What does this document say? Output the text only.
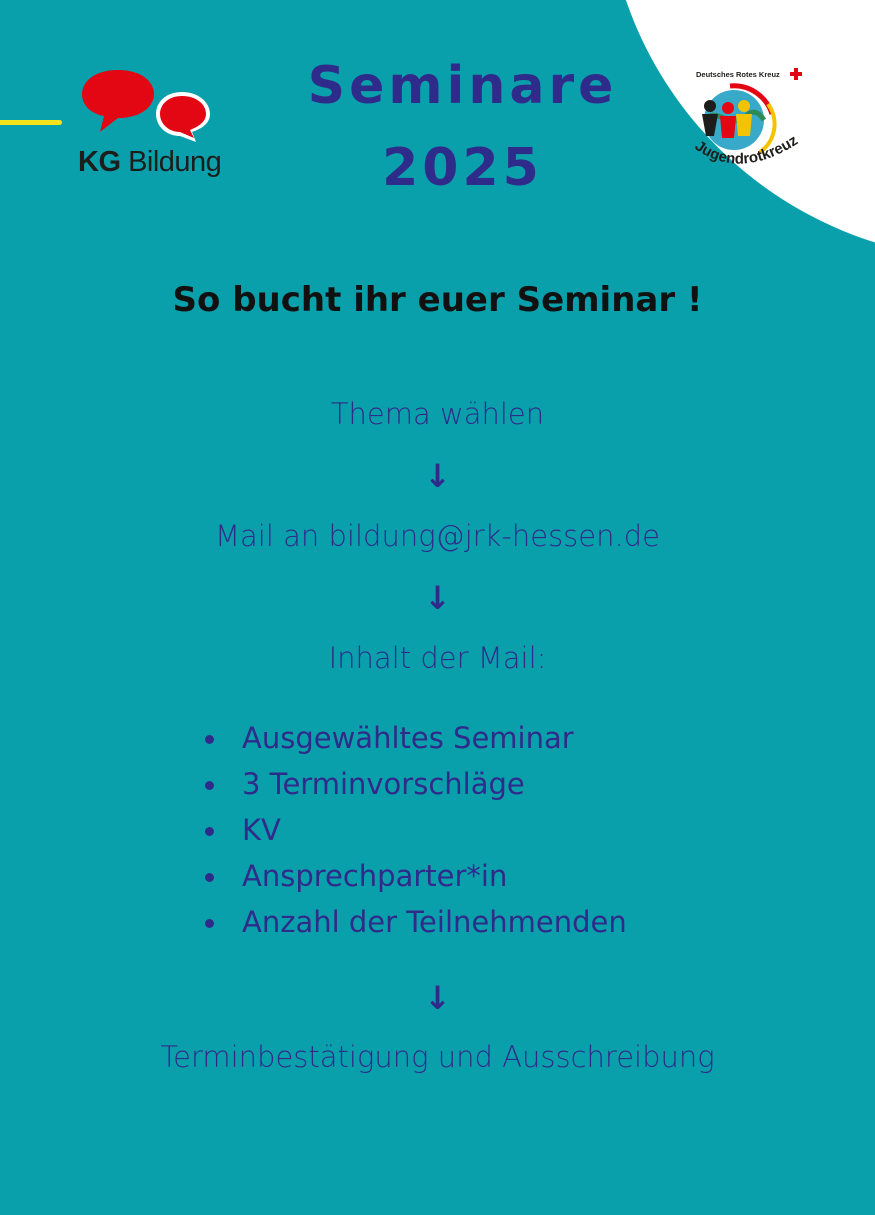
KG Bildung
Seminare
2025
Deutsches Rotes Kreuz
Jugendrotkreuz
So bucht ihr euer Seminar !
Thema wählen
↓
Mail an bildung@jrk-hessen.de
↓
Inhalt der Mail:
Ausgewähltes Seminar
3 Terminvorschläge
KV
Ansprechparter*in
Anzahl der Teilnehmenden
↓
Terminbestätigung und Ausschreibung
